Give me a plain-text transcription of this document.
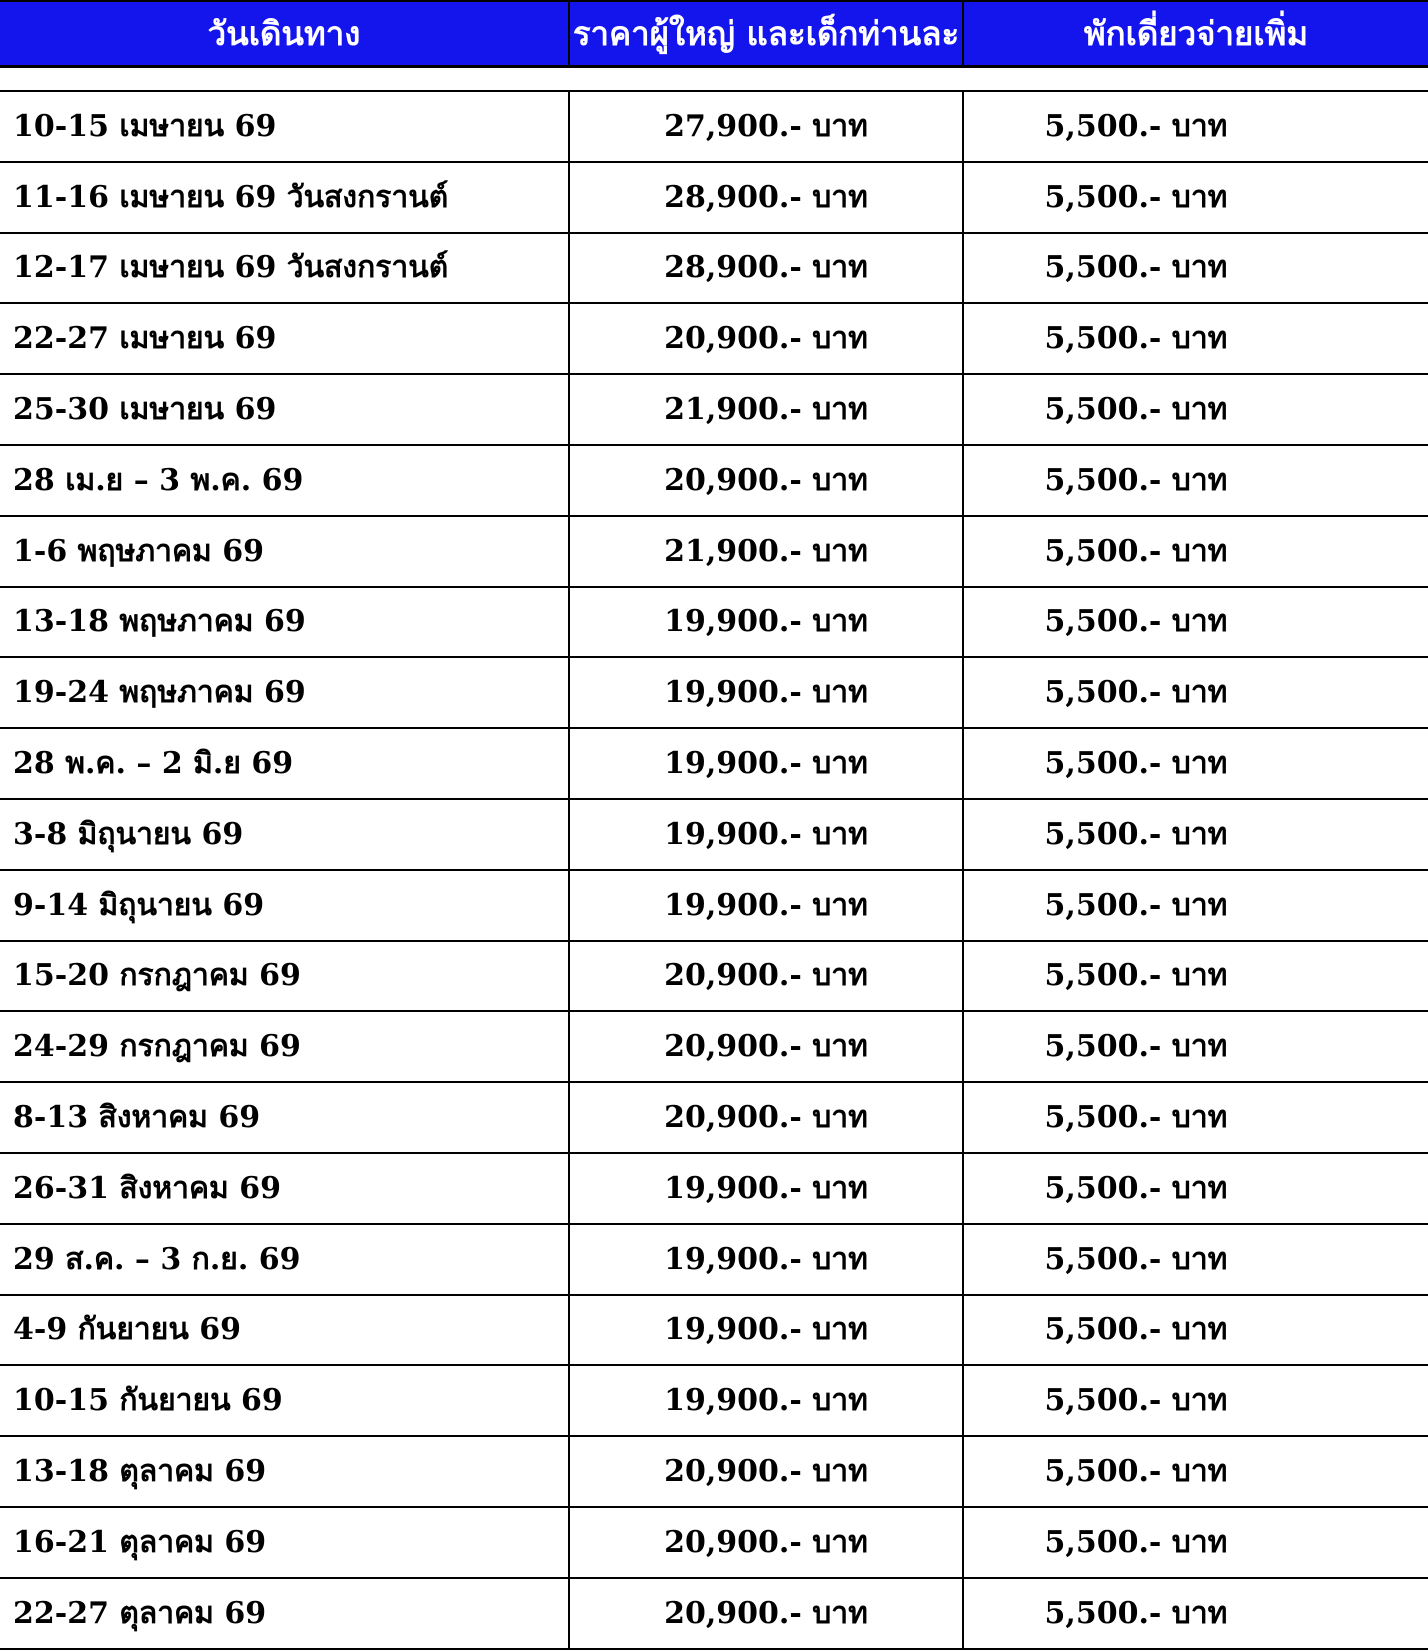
วันเดินทาง	ราคาผู้ใหญ่ และเด็กท่านละ	พักเดี่ยวจ่ายเพิ่ม
10-15 เมษายน 69	27,900.- บาท	5,500.- บาท
11-16 เมษายน 69 วันสงกรานต์	28,900.- บาท	5,500.- บาท
12-17 เมษายน 69 วันสงกรานต์	28,900.- บาท	5,500.- บาท
22-27 เมษายน 69	20,900.- บาท	5,500.- บาท
25-30 เมษายน 69	21,900.- บาท	5,500.- บาท
28 เม.ย – 3 พ.ค. 69	20,900.- บาท	5,500.- บาท
1-6 พฤษภาคม 69	21,900.- บาท	5,500.- บาท
13-18 พฤษภาคม 69	19,900.- บาท	5,500.- บาท
19-24 พฤษภาคม 69	19,900.- บาท	5,500.- บาท
28 พ.ค. – 2 มิ.ย 69	19,900.- บาท	5,500.- บาท
3-8 มิถุนายน 69	19,900.- บาท	5,500.- บาท
9-14 มิถุนายน 69	19,900.- บาท	5,500.- บาท
15-20 กรกฎาคม 69	20,900.- บาท	5,500.- บาท
24-29 กรกฎาคม 69	20,900.- บาท	5,500.- บาท
8-13 สิงหาคม 69	20,900.- บาท	5,500.- บาท
26-31 สิงหาคม 69	19,900.- บาท	5,500.- บาท
29 ส.ค. – 3 ก.ย. 69	19,900.- บาท	5,500.- บาท
4-9 กันยายน 69	19,900.- บาท	5,500.- บาท
10-15 กันยายน 69	19,900.- บาท	5,500.- บาท
13-18 ตุลาคม 69	20,900.- บาท	5,500.- บาท
16-21 ตุลาคม 69	20,900.- บาท	5,500.- บาท
22-27 ตุลาคม 69	20,900.- บาท	5,500.- บาท
